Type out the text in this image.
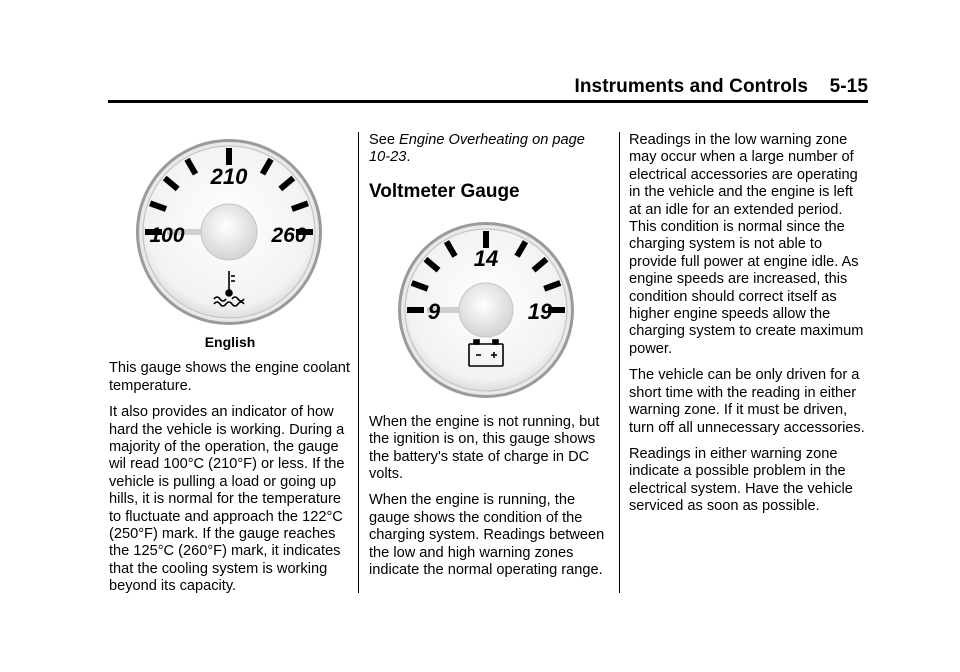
Instruments and Controls 5-15
210
100	260
English

This gauge shows the engine coolant temperature.

It also provides an indicator of how hard the vehicle is working. During a majority of the operation, the gauge wil read 100°C (210°F) or less. If the vehicle is pulling a load or going up hills, it is normal for the temperature to fluctuate and approach the 122°C (250°F) mark. If the gauge reaches the 125°C (260°F) mark, it indicates that the cooling system is working beyond its capacity.

See Engine Overheating on page 10-23.

Voltmeter Gauge
14
9	19

When the engine is not running, but the ignition is on, this gauge shows the battery's state of charge in DC volts.

When the engine is running, the gauge shows the condition of the charging system. Readings between the low and high warning zones indicate the normal operating range.

Readings in the low warning zone may occur when a large number of electrical accessories are operating in the vehicle and the engine is left at an idle for an extended period. This condition is normal since the charging system is not able to provide full power at engine idle. As engine speeds are increased, this condition should correct itself as higher engine speeds allow the charging system to create maximum power.

The vehicle can be only driven for a short time with the reading in either warning zone. If it must be driven, turn off all unnecessary accessories.

Readings in either warning zone indicate a possible problem in the electrical system. Have the vehicle serviced as soon as possible.
